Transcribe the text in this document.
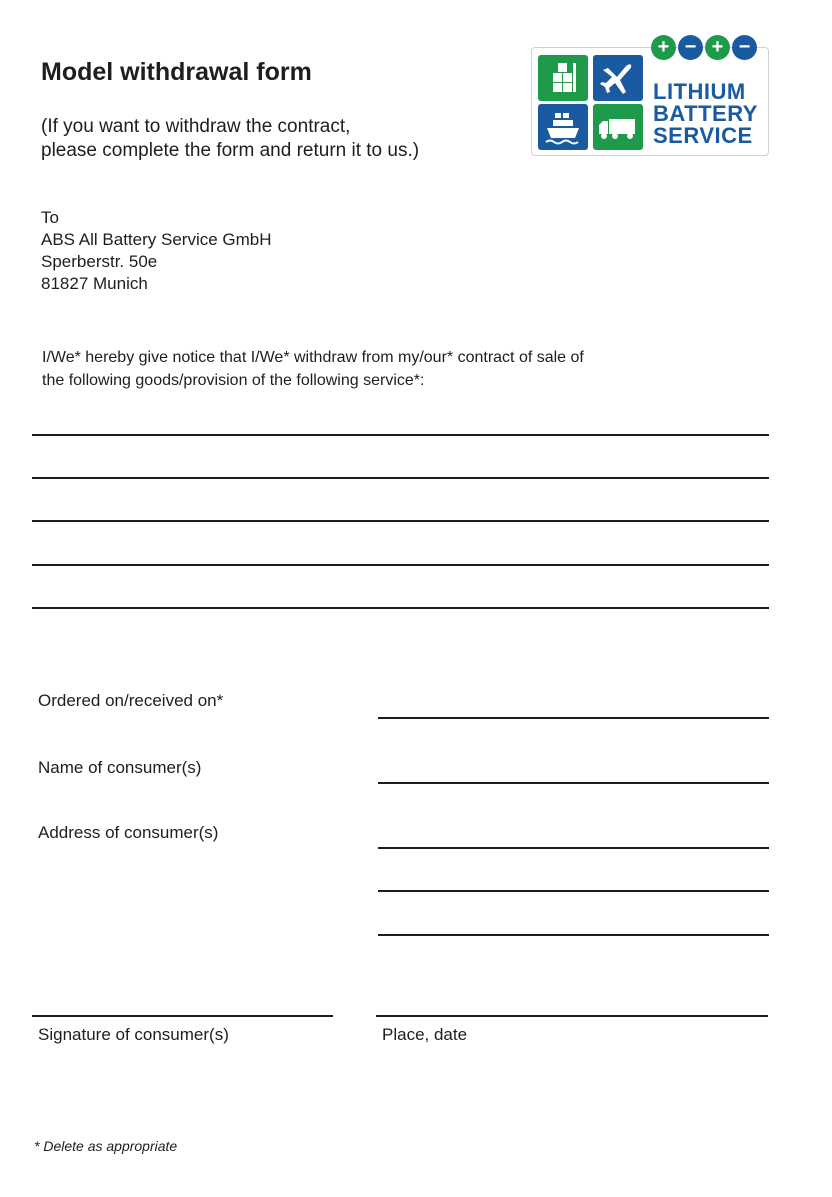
Model withdrawal form
(If you want to withdraw the contract,
please complete the form and return it to us.)
+ − + −
LITHIUM
BATTERY
SERVICE
To
ABS All Battery Service GmbH
Sperberstr. 50e
81827 Munich
I/We* hereby give notice that I/We* withdraw from my/our* contract of sale of
the following goods/provision of the following service*:
Ordered on/received on*
Name of consumer(s)
Address of consumer(s)
Signature of consumer(s)	Place, date
* Delete as appropriate
